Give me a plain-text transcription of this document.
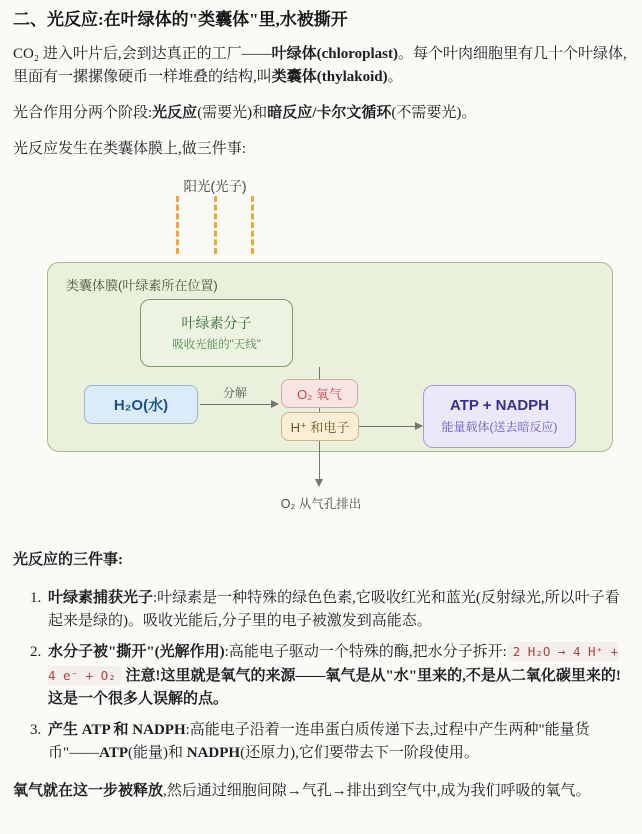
二、光反应:在叶绿体的"类囊体"里,水被撕开

CO₂ 进入叶片后,会到达真正的工厂——叶绿体(chloroplast)。每个叶肉细胞里有几十个叶绿体,里面有一摞摞像硬币一样堆叠的结构,叫类囊体(thylakoid)。

光合作用分两个阶段:光反应(需要光)和暗反应/卡尔文循环(不需要光)。

光反应发生在类囊体膜上,做三件事:

阳光(光子)
类囊体膜(叶绿素所在位置)
叶绿素分子
吸收光能的"天线"
H₂O(水)
分解	O₂ 氧气
H⁺ 和电子
ATP + NADPH
能量载体(送去暗反应)
O₂ 从气孔排出

光反应的三件事:

1. 叶绿素捕获光子:叶绿素是一种特殊的绿色色素,它吸收红光和蓝光(反射绿光,所以叶子看起来是绿的)。吸收光能后,分子里的电子被激发到高能态。
2. 水分子被"撕开"(光解作用):高能电子驱动一个特殊的酶,把水分子拆开: 2 H₂O → 4 H⁺ + 4 e⁻ + O₂ 注意!这里就是氧气的来源——氧气是从"水"里来的,不是从二氧化碳里来的!这是一个很多人误解的点。
3. 产生 ATP 和 NADPH:高能电子沿着一连串蛋白质传递下去,过程中产生两种"能量货币"——ATP(能量)和 NADPH(还原力),它们要带去下一阶段使用。

氧气就在这一步被释放,然后通过细胞间隙→气孔→排出到空气中,成为我们呼吸的氧气。
